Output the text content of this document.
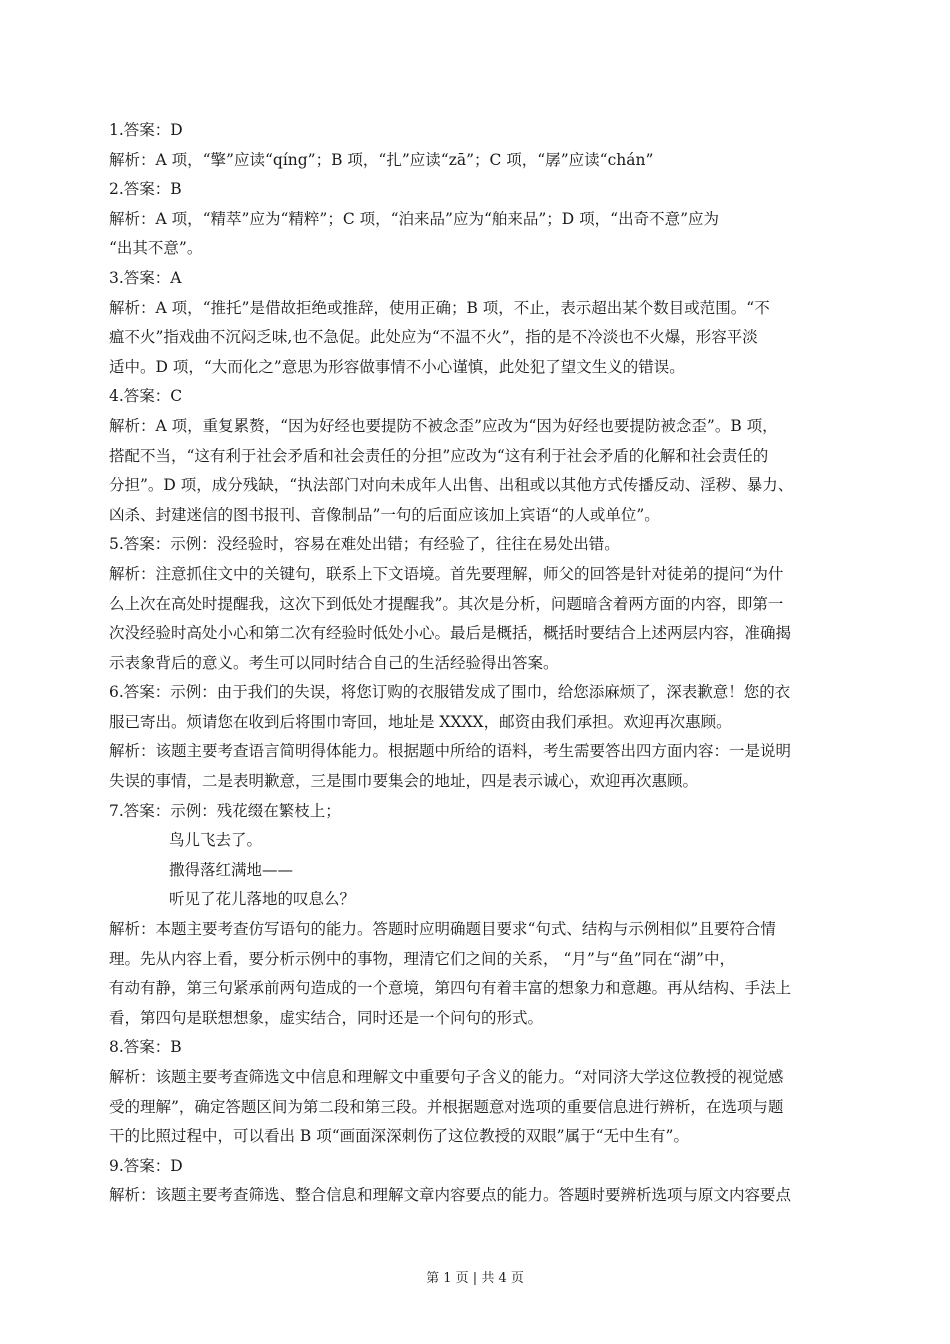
1.答案：D
解析：A 项，“擎”应读“qíng”；B 项，“扎”应读“zā”；C 项，“孱”应读“chán”
2.答案：B
解析：A 项，“精萃”应为“精粹”；C 项，“泊来品”应为“舶来品”；D 项，“出奇不意”应为
“出其不意”。
3.答案：A
解析：A 项，“推托”是借故拒绝或推辞，使用正确；B 项，不止，表示超出某个数目或范围。“不
瘟不火”指戏曲不沉闷乏味,也不急促。此处应为“不温不火”，指的是不冷淡也不火爆，形容平淡
适中。D 项，“大而化之”意思为形容做事情不小心谨慎，此处犯了望文生义的错误。
4.答案：C
解析：A 项，重复累赘，“因为好经也要提防不被念歪”应改为“因为好经也要提防被念歪”。B 项，
搭配不当，“这有利于社会矛盾和社会责任的分担”应改为“这有利于社会矛盾的化解和社会责任的
分担”。D 项，成分残缺，“执法部门对向未成年人出售、出租或以其他方式传播反动、淫秽、暴力、
凶杀、封建迷信的图书报刊、音像制品”一句的后面应该加上宾语“的人或单位”。
5.答案：示例：没经验时，容易在难处出错；有经验了，往往在易处出错。
解析：注意抓住文中的关键句，联系上下文语境。首先要理解，师父的回答是针对徒弟的提问“为什
么上次在高处时提醒我，这次下到低处才提醒我”。其次是分析，问题暗含着两方面的内容，即第一
次没经验时高处小心和第二次有经验时低处小心。最后是概括，概括时要结合上述两层内容，准确揭
示表象背后的意义。考生可以同时结合自己的生活经验得出答案。
6.答案：示例：由于我们的失误，将您订购的衣服错发成了围巾，给您添麻烦了，深表歉意！您的衣
服已寄出。烦请您在收到后将围巾寄回，地址是 XXXX，邮资由我们承担。欢迎再次惠顾。
解析：该题主要考查语言简明得体能力。根据题中所给的语料，考生需要答出四方面内容：一是说明
失误的事情，二是表明歉意，三是围巾要集会的地址，四是表示诚心，欢迎再次惠顾。
7.答案：示例：残花缀在繁枝上；
鸟儿飞去了。
撒得落红满地——
听见了花儿落地的叹息么？
解析：本题主要考查仿写语句的能力。答题时应明确题目要求“句式、结构与示例相似”且要符合情
理。先从内容上看，要分析示例中的事物，理清它们之间的关系， “月”与“鱼”同在“湖”中，
有动有静，第三句紧承前两句造成的一个意境，第四句有着丰富的想象力和意趣。再从结构、手法上
看，第四句是联想想象，虚实结合，同时还是一个问句的形式。
8.答案：B
解析：该题主要考查筛选文中信息和理解文中重要句子含义的能力。“对同济大学这位教授的视觉感
受的理解”，确定答题区间为第二段和第三段。并根据题意对选项的重要信息进行辨析，在选项与题
干的比照过程中，可以看出 B 项“画面深深刺伤了这位教授的双眼”属于“无中生有”。
9.答案：D
解析：该题主要考查筛选、整合信息和理解文章内容要点的能力。答题时要辨析选项与原文内容要点
第 1 页 | 共 4 页
